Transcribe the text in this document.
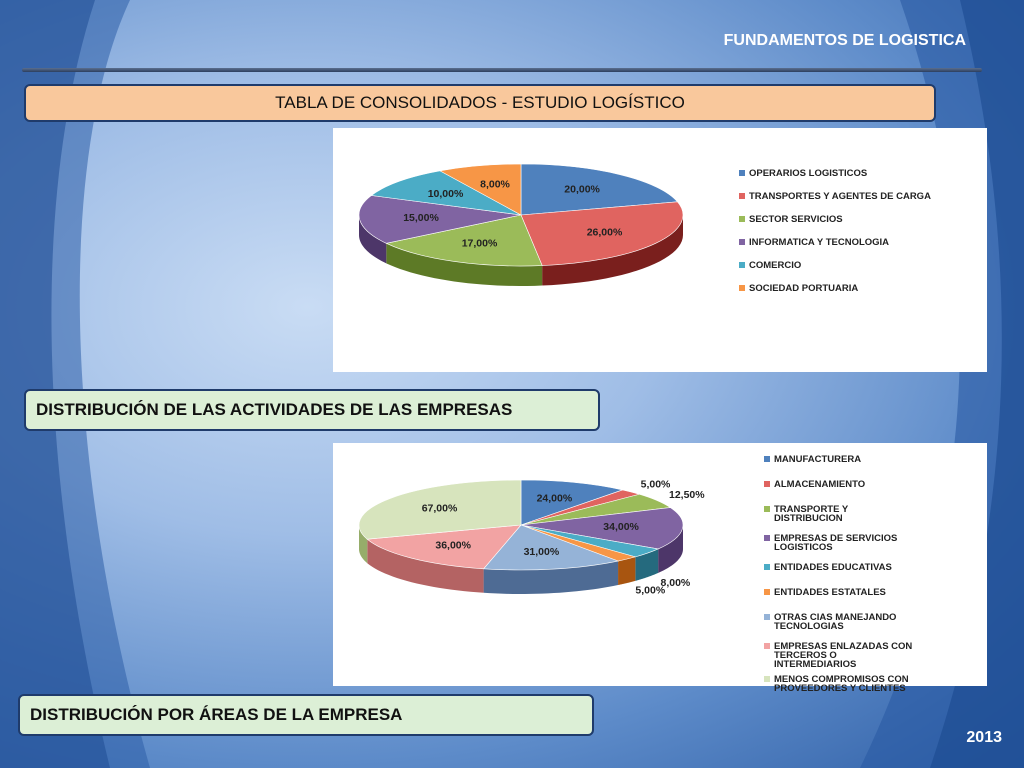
FUNDAMENTOS DE LOGISTICA
TABLA DE CONSOLIDADOS - ESTUDIO LOGÍSTICO
20,00%
26,00%
17,00%
15,00%
10,00%
8,00%
OPERARIOS LOGISTICOS
TRANSPORTES Y AGENTES DE CARGA
SECTOR SERVICIOS
INFORMATICA Y TECNOLOGIA
COMERCIO
SOCIEDAD PORTUARIA
DISTRIBUCIÓN DE LAS ACTIVIDADES DE LAS EMPRESAS
24,00%
5,00%
12,50%
34,00%
8,00%
5,00%
31,00%
36,00%
67,00%
MANUFACTURERA
ALMACENAMIENTO
TRANSPORTE Y DISTRIBUCION
EMPRESAS DE SERVICIOS LOGISTICOS
ENTIDADES EDUCATIVAS
ENTIDADES ESTATALES
OTRAS CIAS MANEJANDO TECNOLOGIAS
EMPRESAS ENLAZADAS CON TERCEROS O INTERMEDIARIOS
MENOS COMPROMISOS CON PROVEEDORES Y CLIENTES
DISTRIBUCIÓN POR ÁREAS DE LA EMPRESA
2013
